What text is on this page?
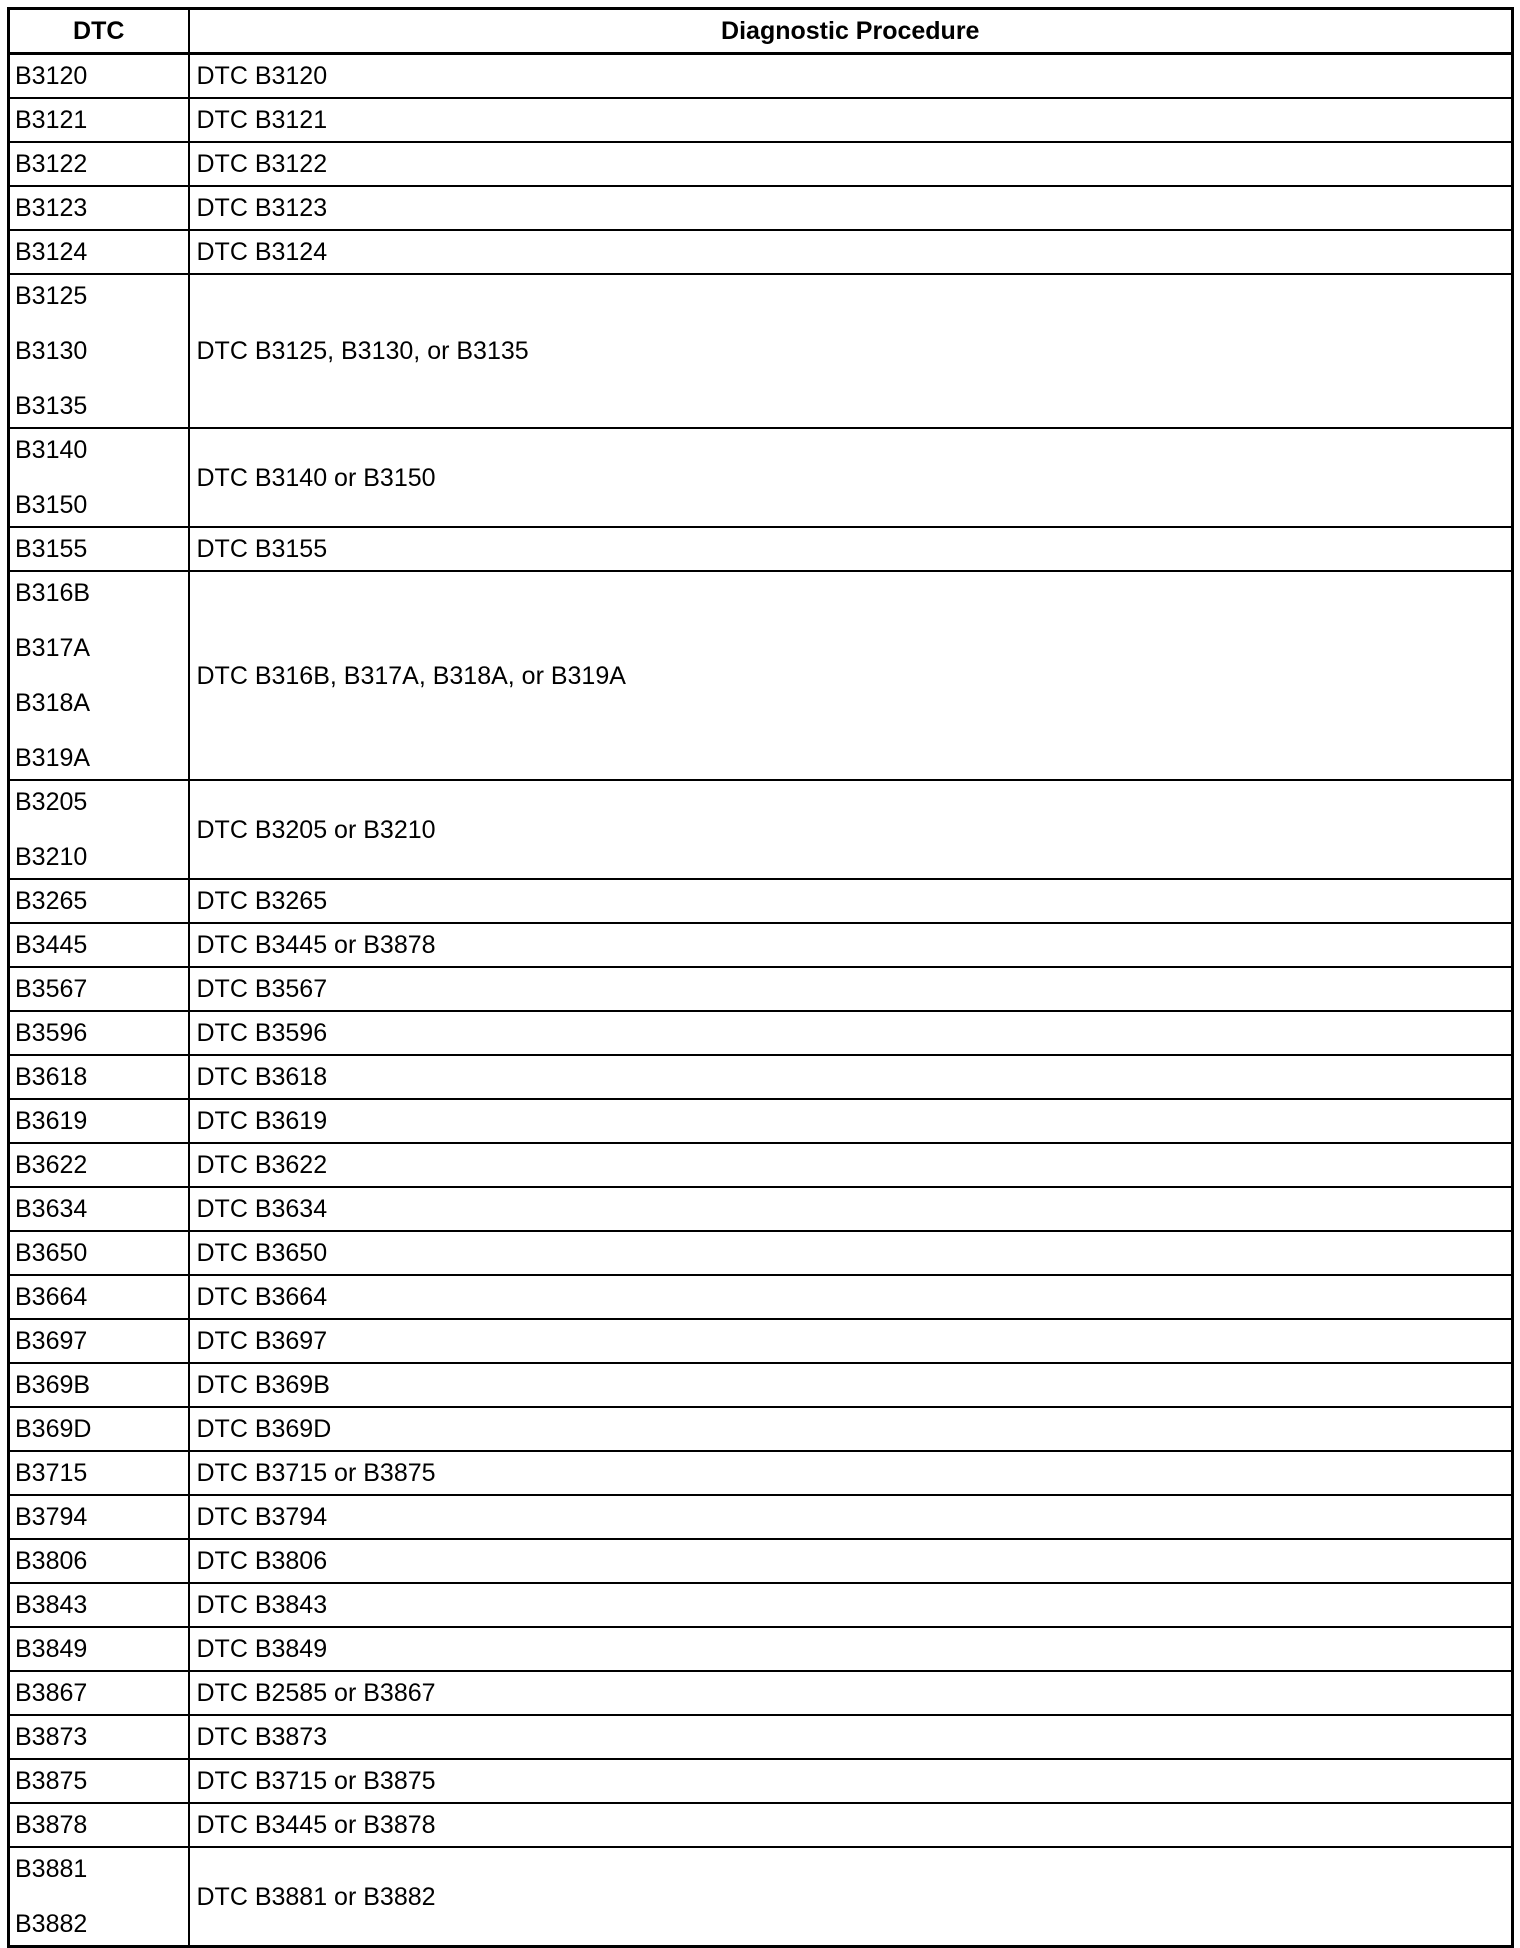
DTC	Diagnostic Procedure

B3120	DTC B3120

B3121	DTC B3121

B3122	DTC B3122

B3123	DTC B3123

B3124	DTC B3124

B3125
B3130
B3135	DTC B3125, B3130, or B3135

B3140
B3150	DTC B3140 or B3150

B3155	DTC B3155

B316B
B317A
B318A
B319A	DTC B316B, B317A, B318A, or B319A

B3205
B3210	DTC B3205 or B3210

B3265	DTC B3265

B3445	DTC B3445 or B3878

B3567	DTC B3567

B3596	DTC B3596

B3618	DTC B3618

B3619	DTC B3619

B3622	DTC B3622

B3634	DTC B3634

B3650	DTC B3650

B3664	DTC B3664

B3697	DTC B3697

B369B	DTC B369B

B369D	DTC B369D

B3715	DTC B3715 or B3875

B3794	DTC B3794

B3806	DTC B3806

B3843	DTC B3843

B3849	DTC B3849

B3867	DTC B2585 or B3867

B3873	DTC B3873

B3875	DTC B3715 or B3875

B3878	DTC B3445 or B3878

B3881
B3882	DTC B3881 or B3882
